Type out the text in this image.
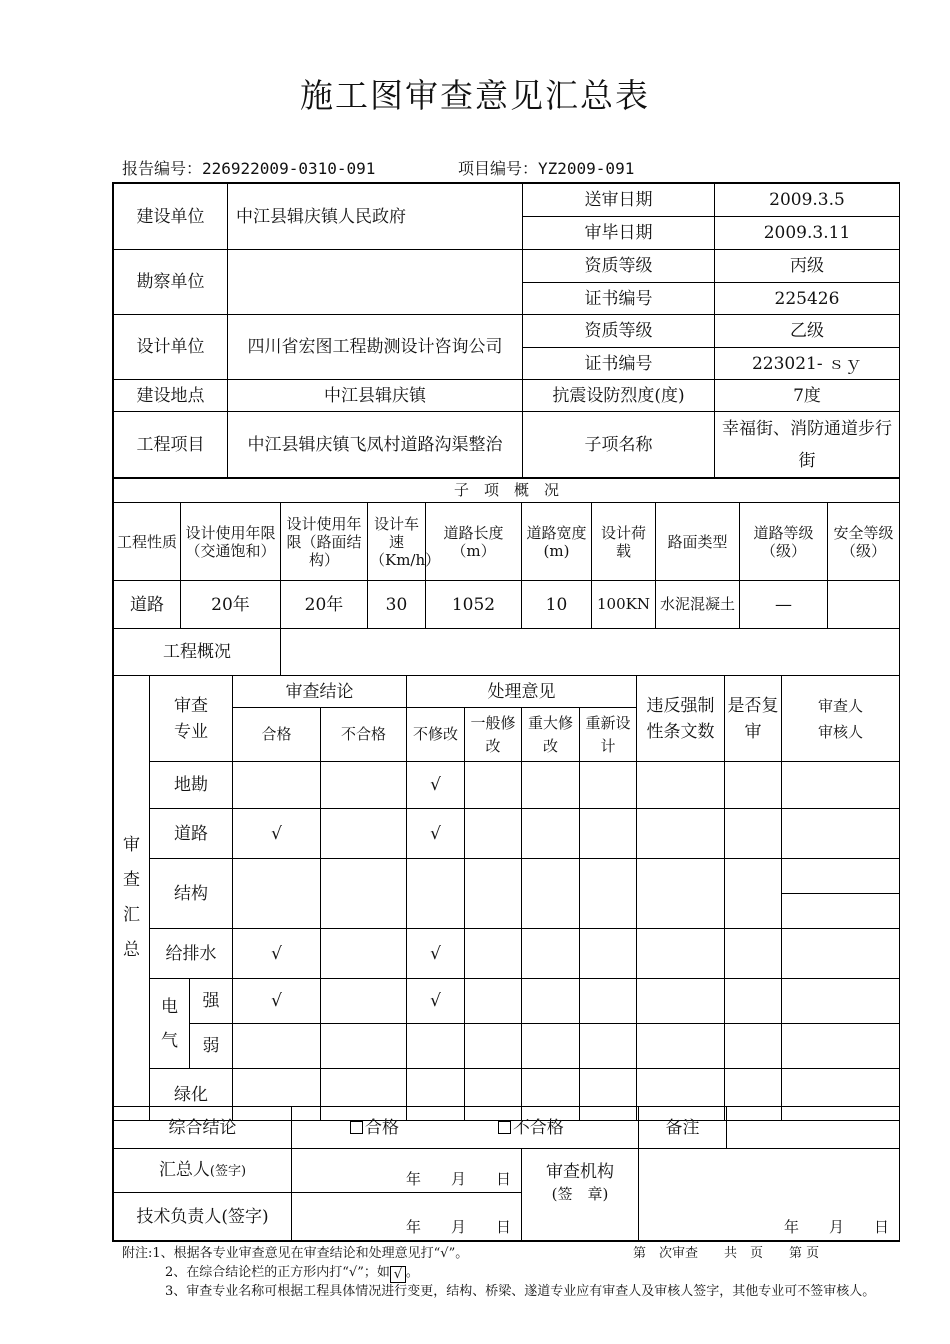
施工图审查意见汇总表
报告编号：226922009-0310-091	项目编号：YZ2009-091
建设单位	中江县辑庆镇人民政府	送审日期	2009.3.5
		审毕日期	2009.3.11
勘察单位		资质等级	丙级
		证书编号	225426
设计单位	四川省宏图工程勘测设计咨询公司	资质等级	乙级
		证书编号	223021- ｓｙ
建设地点	中江县辑庆镇	抗震设防烈度(度)	7度
工程项目	中江县辑庆镇飞凤村道路沟渠整治	子项名称	幸福街、消防通道步行街
子　项　概　况									
工程性质	设计使用年限（交通饱和）	设计使用年限（路面结构）	设计车速（Km/h）	道路长度（m）	道路宽度(m)	设计荷载	路面类型	道路等级（级）	安全等级（级）
道路	20年	20年	30	1052	10	100KN	水泥混凝土	—	
工程概况									
审查汇总	审查专业		审查结论		处理意见				违反强制性条文数	是否复审	审查人
审核人

			合格	不合格	不修改	一般修改	重大修改	重新设计			
	地勘				√						
	道路		√		√						
	结构										

	给排水		√		√						
	电气	强	√		√						
		弱									
	绿化										
综合结论	合格 不合格		备注	
汇总人(签字)	年 月 日	审查机构
(签　章)	年 月 日	
技术负责人(签字)	年 月 日			
附注:1、根据各专业审查意见在审查结论和处理意见打“√”。	第　次审查　　共　页　　第 页
2、在综合结论栏的正方形内打“√”；如 √ 。
3、审查专业名称可根据工程具体情况进行变更，结构、桥梁、遂道专业应有审查人及审核人签字，其他专业可不签审核人。
